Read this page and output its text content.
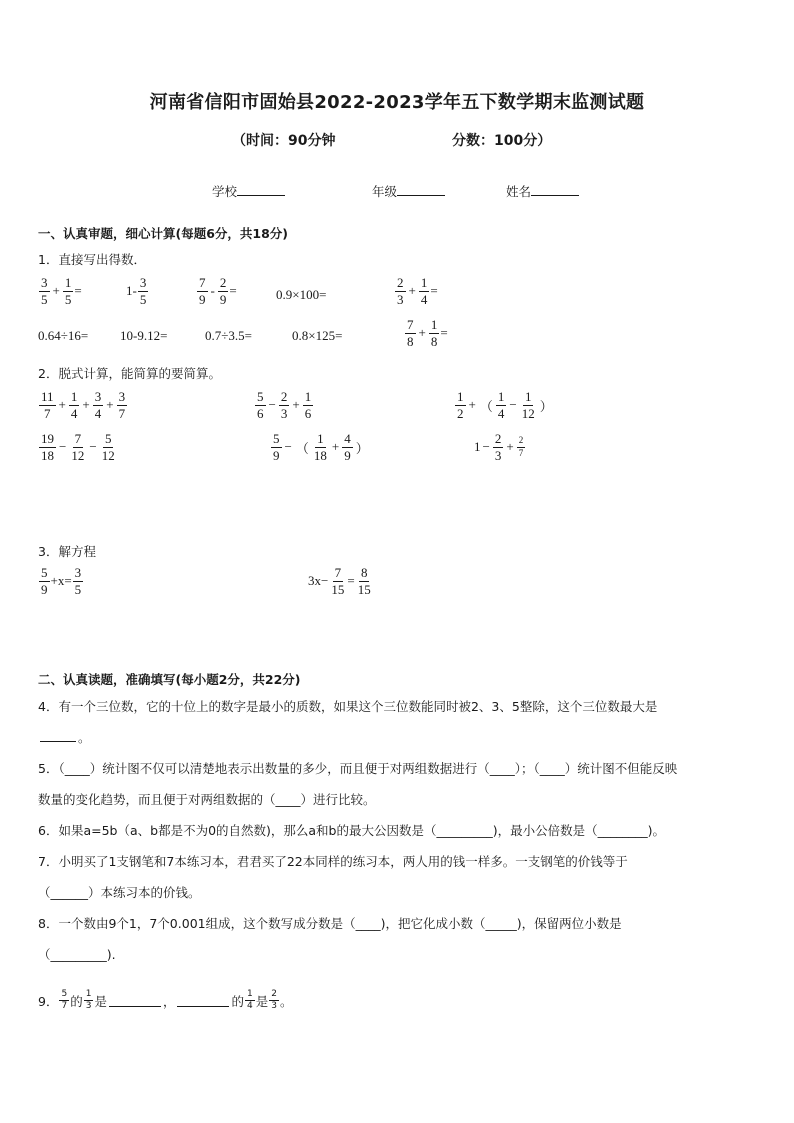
河南省信阳市固始县2022-2023学年五下数学期末监测试题
（时间：90分钟	分数：100分）
学校	年级	姓名
一、认真审题，细心计算(每题6分，共18分)
1．直接写出得数．
$\frac{3}{5} + \frac{1}{5}$ =	$1- \frac{3}{5}$	$\frac{7}{9} - \frac{2}{9}$ =	0.9×100=	$\frac{2}{3} + \frac{1}{4}$ =
0.64÷16= 10-9.12=	0.7÷3.5=	0.8×125=	$\frac{7}{8} + \frac{1}{8}$ =
2．脱式计算，能简算的要简算。
$\frac{11}{7} + \frac{1}{4} + \frac{3}{4} + \frac{3}{7}$	$\frac{5}{6} - \frac{2}{3} + \frac{1}{6}$	$\frac{1}{2}$ + （ $\frac{1}{4} - \frac{1}{12}$ ）
$\frac{19}{18} - \frac{7}{12} - \frac{5}{12}$	$\frac{5}{9}$ − （ $\frac{1}{18} + \frac{4}{9}$ ）	$1 - \frac{2}{3} + \frac{2}{7}$
3．解方程
$\frac{5}{9} +x= \frac{3}{5}$	$3x- \frac{7}{15} = \frac{8}{15}$
二、认真读题，准确填写(每小题2分，共22分)
4．有一个三位数，它的十位上的数字是最小的质数，如果这个三位数能同时被2、3、5整除，这个三位数最大是
。
5．（____）统计图不仅可以清楚地表示出数量的多少，而且便于对两组数据进行（____）；（____）统计图不但能反映
数量的变化趋势，而且便于对两组数据的（____）进行比较。
6．如果a=5b（a、b都是不为0的自然数)，那么a和b的最大公因数是（_________)，最小公倍数是（________)。
7．小明买了1支钢笔和7本练习本，君君买了22本同样的练习本，两人用的钱一样多。一支钢笔的价钱等于
（______）本练习本的价钱。
8．一个数由9个1，7个0.001组成，这个数写成分数是（____)，把它化成小数（_____)，保留两位小数是
（_________).
9． $\frac{5}{7}$ 的 $\frac{1}{3}$ 是	，	的 $\frac{1}{4}$ 是 $\frac{2}{3}$ 。
